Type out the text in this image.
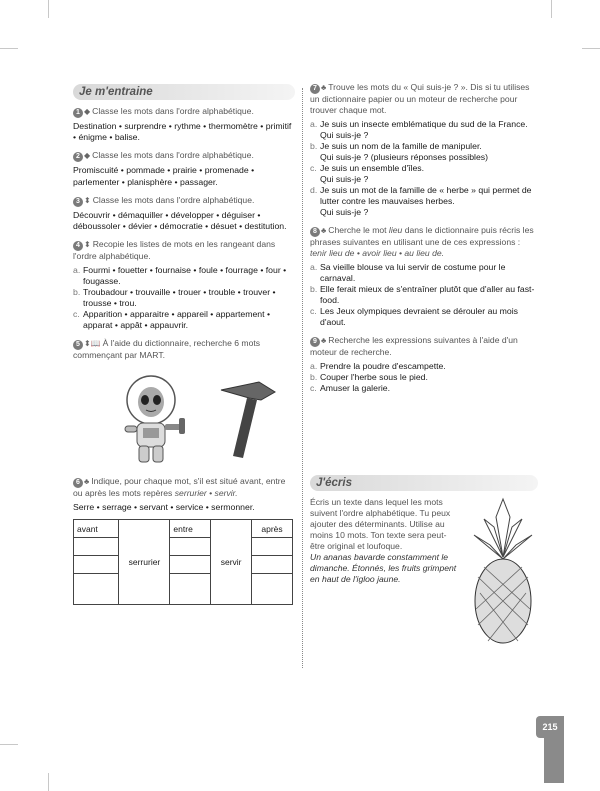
Je m'entraine
1 ◆ Classe les mots dans l'ordre alphabétique.
Destination • surprendre • rythme • thermomètre • primitif • énigme • balise.
2 ◆ Classe les mots dans l'ordre alphabétique.
Promiscuité • pommade • prairie • promenade • parlementer • planisphère • passager.
3 ⬍ Classe les mots dans l'ordre alphabétique.
Découvrir • démaquiller • développer • déguiser • déboussoler • dévier • démocratie • désuet • destitution.
4 ⬍ Recopie les listes de mots en les rangeant dans l'ordre alphabétique.
a. Fourmi • fouetter • fournaise • foule • fourrage • four • fougasse.
b. Troubadour • trouvaille • trouer • trouble • trouver • trousse • trou.
c. Apparition • apparaitre • appareil • appartement • apparat • appât • appauvrir.
5 ⬍📖 À l'aide du dictionnaire, recherche 6 mots commençant par MART.
6 ♣ Indique, pour chaque mot, s'il est situé avant, entre ou après les mots repères serrurier • servir.
Serre • serrage • servant • service • sermonner.
avant	serrurier	entre	servir	après

7 ♣ Trouve les mots du « Qui suis-je ? ». Dis si tu utilises un dictionnaire papier ou un moteur de recherche pour trouver chaque mot.
a. Je suis un insecte emblématique du sud de la France.
Qui suis-je ?
b. Je suis un nom de la famille de manipuler.
Qui suis-je ? (plusieurs réponses possibles)
c. Je suis un ensemble d'îles.
Qui suis-je ?
d. Je suis un mot de la famille de « herbe » qui permet de lutter contre les mauvaises herbes.
Qui suis-je ?
8 ♣ Cherche le mot lieu dans le dictionnaire puis récris les phrases suivantes en utilisant une de ces expressions : tenir lieu de • avoir lieu • au lieu de.
a. Sa vieille blouse va lui servir de costume pour le carnaval.
b. Elle ferait mieux de s'entraîner plutôt que d'aller au fast-food.
c. Les Jeux olympiques devraient se dérouler au mois d'aout.
9 ♣ Recherche les expressions suivantes à l'aide d'un moteur de recherche.
a. Prendre la poudre d'escampette.
b. Couper l'herbe sous le pied.
c. Amuser la galerie.
J'écris
Écris un texte dans lequel les mots suivent l'ordre alphabétique. Tu peux ajouter des déterminants. Utilise au moins 10 mots. Ton texte sera peut-être original et loufoque.
Un ananas bavarde constamment le dimanche. Étonnés, les fruits grimpent en haut de l'igloo jaune.
215
